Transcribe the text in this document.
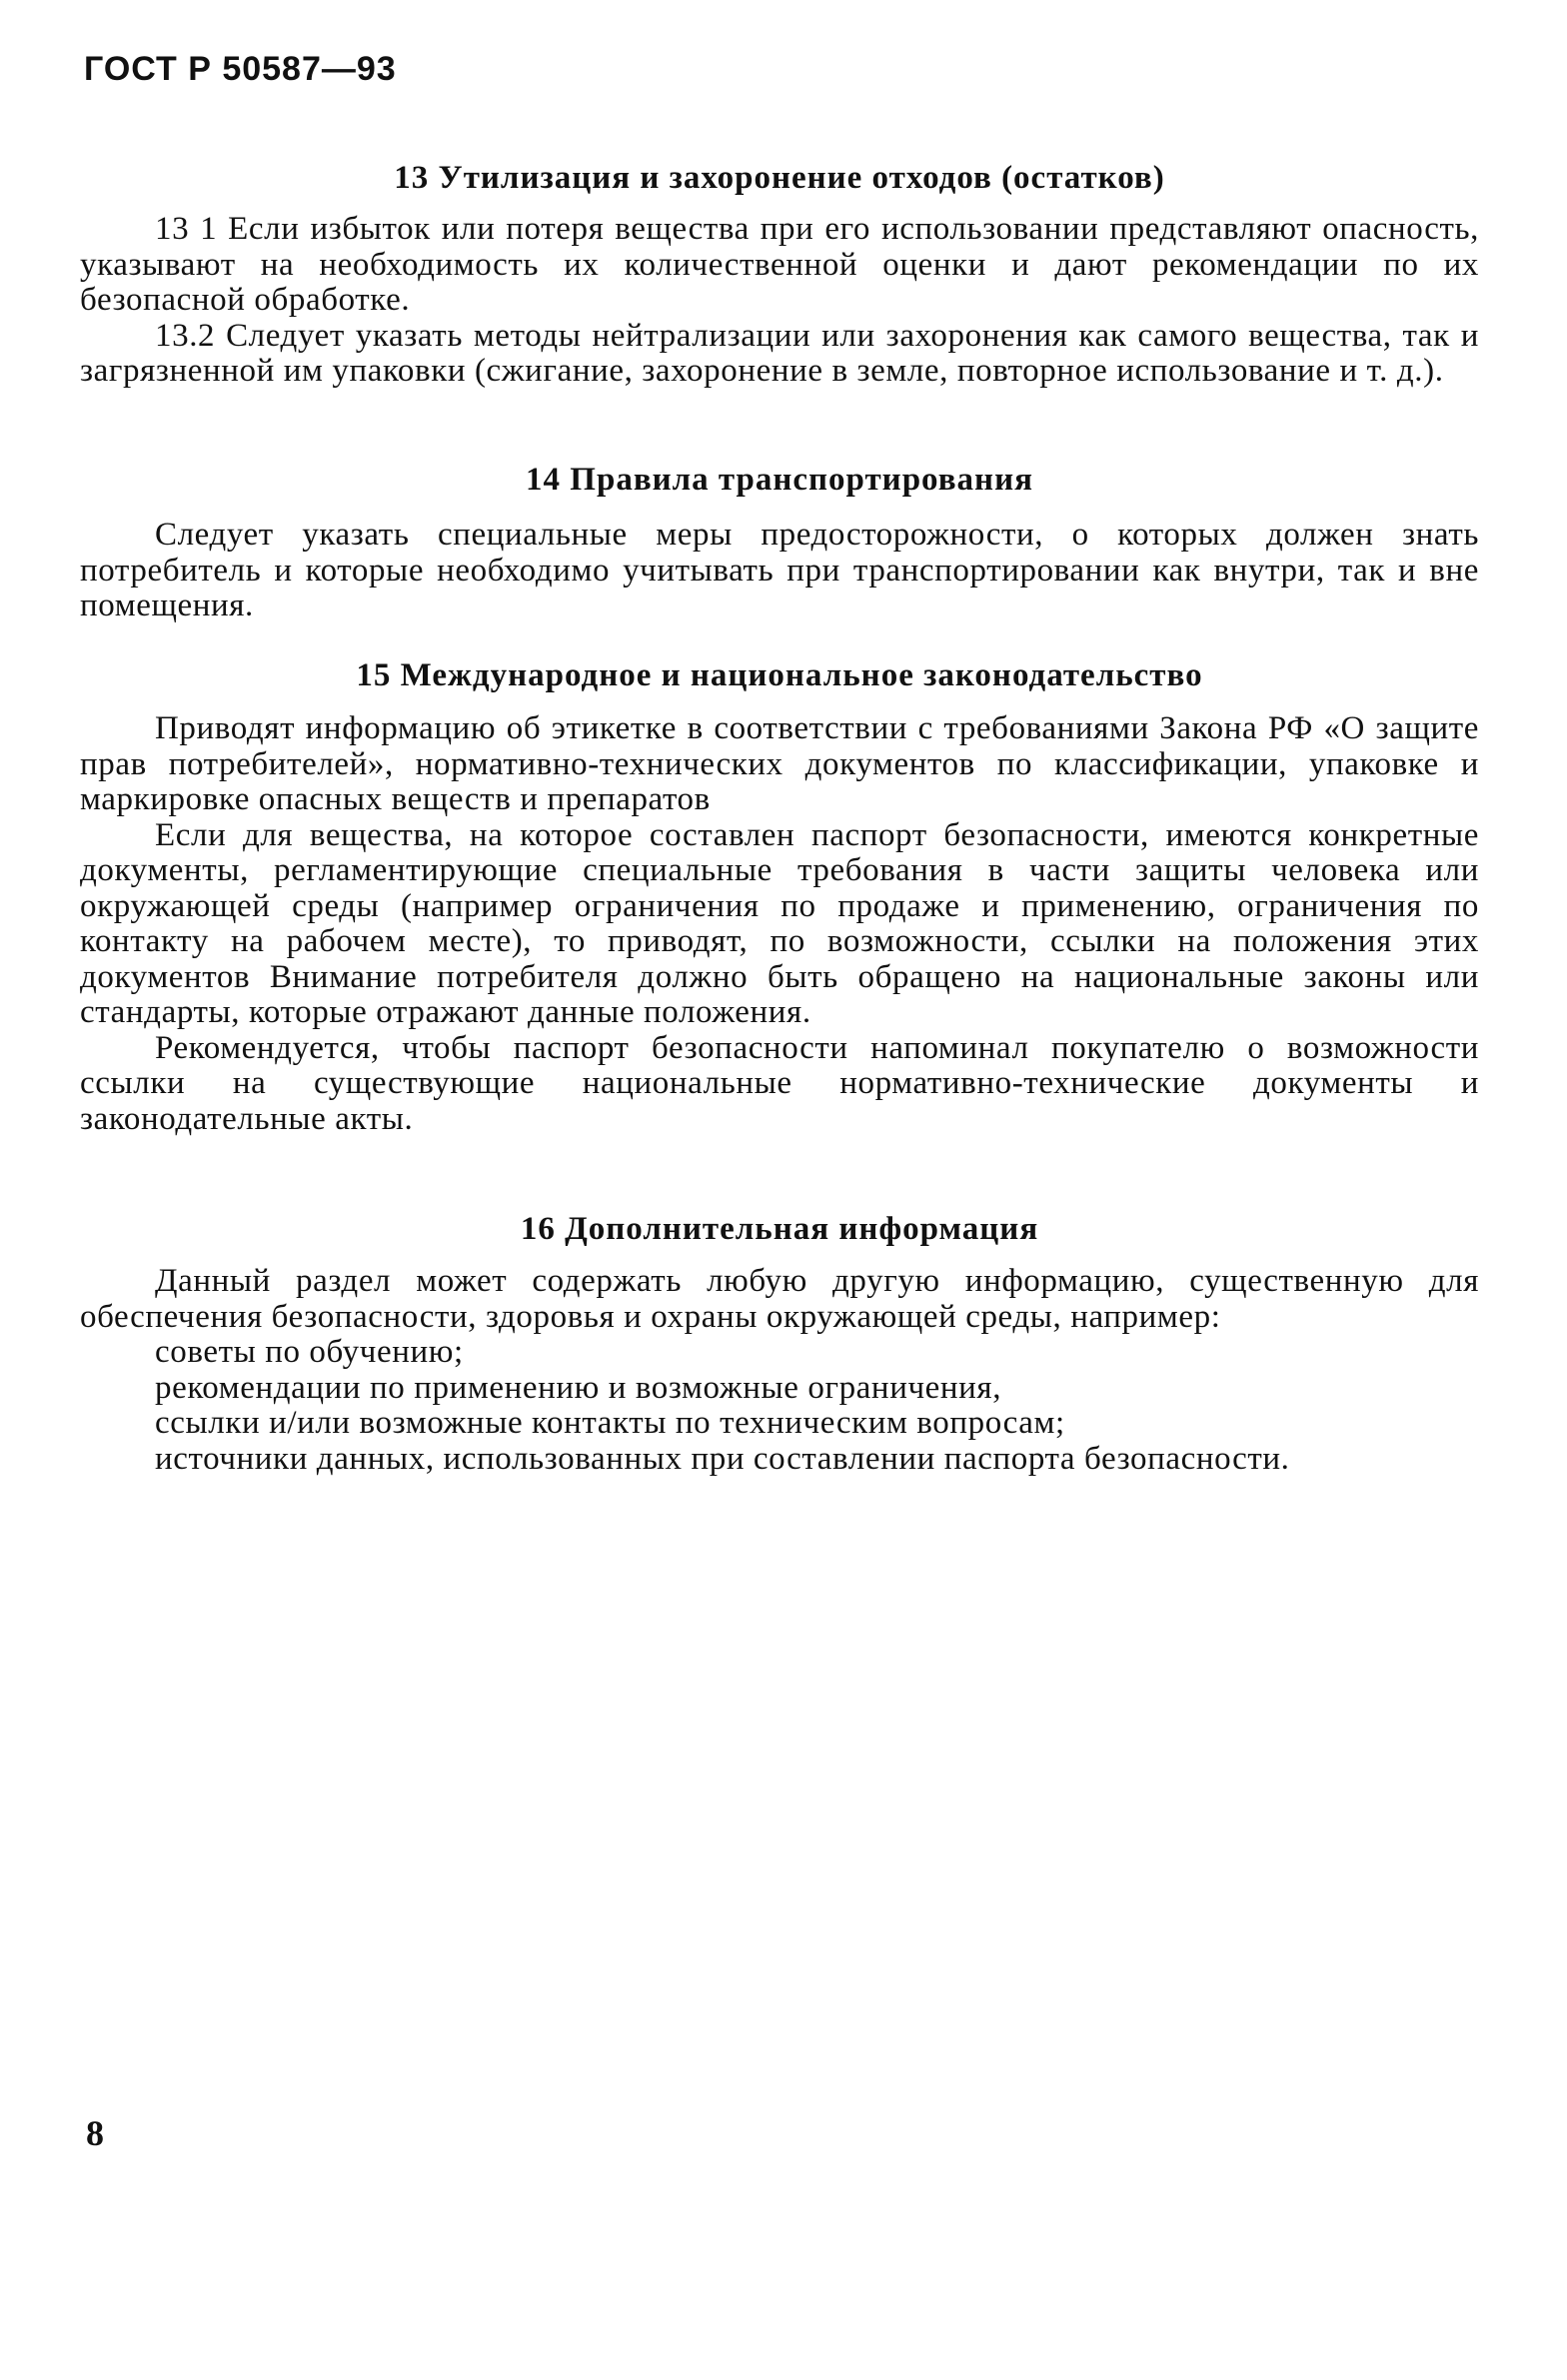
ГОСТ Р 50587—93
13 Утилизация и захоронение отходов (остатков)

13 1 Если избыток или потеря вещества при его использовании представляют опасность, указывают на необходимость их количественной оценки и дают рекомендации по их безопасной обработке.

13.2 Следует указать методы нейтрализации или захоронения как самого вещества, так и загрязненной им упаковки (сжигание, захоронение в земле, повторное использование и т. д.).

14 Правила транспортирования

Следует указать специальные меры предосторожности, о которых должен знать потребитель и которые необходимо учитывать при транспортировании как внутри, так и вне помещения.

15 Международное и национальное законодательство

Приводят информацию об этикетке в соответствии с требованиями Закона РФ «О защите прав потребителей», нормативно-технических документов по классификации, упаковке и маркировке опасных веществ и препаратов

Если для вещества, на которое составлен паспорт безопасности, имеются конкретные документы, регламентирующие специальные требования в части защиты человека или окружающей среды (например ограничения по продаже и применению, ограничения по контакту на рабочем месте), то приводят, по возможности, ссылки на положения этих документов Внимание потребителя должно быть обращено на национальные законы или стандарты, которые отражают данные положения.

Рекомендуется, чтобы паспорт безопасности напоминал покупателю о возможности ссылки на существующие национальные нормативно-технические документы и законодательные акты.

16 Дополнительная информация

Данный раздел может содержать любую другую информацию, существенную для обеспечения безопасности, здоровья и охраны окружающей среды, например:

советы по обучению;

рекомендации по применению и возможные ограничения,

ссылки и/или возможные контакты по техническим вопросам;

источники данных, использованных при составлении паспорта безопасности.

8
